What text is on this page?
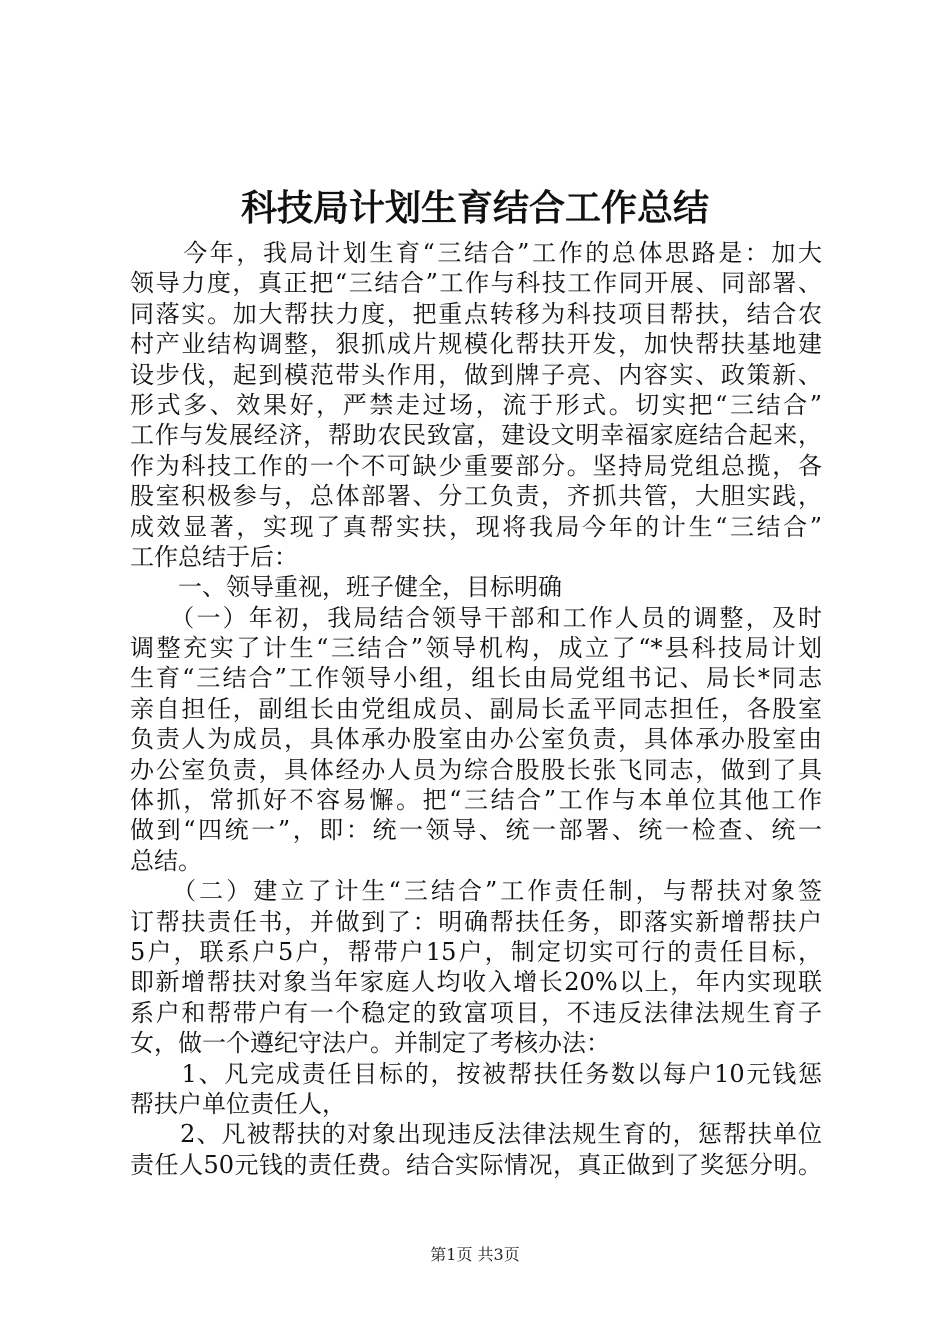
科技局计划生育结合工作总结
　　今年，我局计划生育“三结合”工作的总体思路是：加大
领导力度，真正把“三结合”工作与科技工作同开展、同部署、
同落实。加大帮扶力度，把重点转移为科技项目帮扶，结合农
村产业结构调整，狠抓成片规模化帮扶开发，加快帮扶基地建
设步伐，起到模范带头作用，做到牌子亮、内容实、政策新、
形式多、效果好，严禁走过场，流于形式。切实把“三结合”
工作与发展经济，帮助农民致富，建设文明幸福家庭结合起来，
作为科技工作的一个不可缺少重要部分。坚持局党组总揽，各
股室积极参与，总体部署、分工负责，齐抓共管，大胆实践，
成效显著，实现了真帮实扶，现将我局今年的计生“三结合”
工作总结于后：
　　一、领导重视，班子健全，目标明确
　　（一）年初，我局结合领导干部和工作人员的调整，及时
调整充实了计生“三结合”领导机构，成立了“*县科技局计划
生育“三结合”工作领导小组，组长由局党组书记、局长*同志
亲自担任，副组长由党组成员、副局长孟平同志担任，各股室
负责人为成员，具体承办股室由办公室负责，具体承办股室由
办公室负责，具体经办人员为综合股股长张飞同志，做到了具
体抓，常抓好不容易懈。把“三结合”工作与本单位其他工作
做到“四统一”，即：统一领导、统一部署、统一检查、统一
总结。
　　（二）建立了计生“三结合”工作责任制，与帮扶对象签
订帮扶责任书，并做到了：明确帮扶任务，即落实新增帮扶户
5户，联系户5户，帮带户15户，制定切实可行的责任目标，
即新增帮扶对象当年家庭人均收入增长20%以上，年内实现联
系户和帮带户有一个稳定的致富项目，不违反法律法规生育子
女，做一个遵纪守法户。并制定了考核办法：
　　1、凡完成责任目标的，按被帮扶任务数以每户10元钱惩
帮扶户单位责任人，
　　2、凡被帮扶的对象出现违反法律法规生育的，惩帮扶单位
责任人50元钱的责任费。结合实际情况，真正做到了奖惩分明。
第1页 共3页
